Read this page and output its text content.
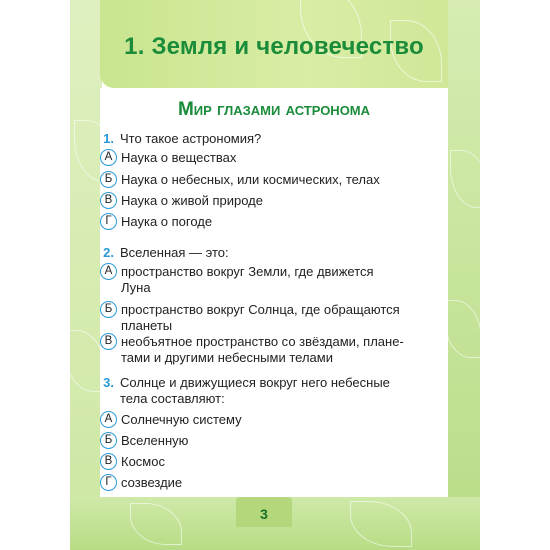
1. Земля и человечество
Мир глазами астронома
1. Что такое астрономия?
А Наука о веществах
Б Наука о небесных, или космических, телах
В Наука о живой природе
Г Наука о погоде
2. Вселенная — это:
А пространство вокруг Земли, где движется
Луна
Б пространство вокруг Солнца, где обращаются
планеты
В необъятное пространство со звёздами, плане-
тами и другими небесными телами
3. Солнце и движущиеся вокруг него небесные
тела составляют:
А Солнечную систему
Б Вселенную
В Космос
Г созвездие
3
